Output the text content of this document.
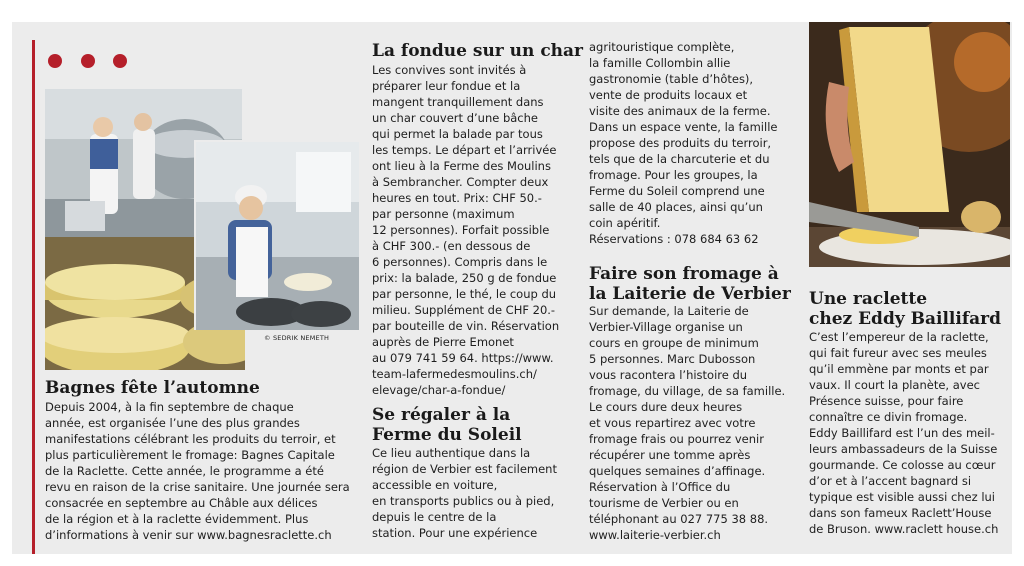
© SEDRIK NEMETH
Bagnes fête l’automne

Depuis 2004, à la fin septembre de chaque
année, est organisée l’une des plus grandes
manifestations célébrant les produits du terroir, et
plus particulièrement le fromage: Bagnes Capitale
de la Raclette. Cette année, le programme a été
revu en raison de la crise sanitaire. Une journée sera
consacrée en septembre au Châble aux délices
de la région et à la raclette évidemment. Plus
d’informations à venir sur www.bagnesraclette.ch

La fondue sur un char

Les convives sont invités à
préparer leur fondue et la
mangent tranquillement dans
un char couvert d’une bâche
qui permet la balade par tous
les temps. Le départ et l’arrivée
ont lieu à la Ferme des Moulins
à Sembrancher. Compter deux
heures en tout. Prix: CHF 50.-
par personne (maximum
12 personnes). Forfait possible
à CHF 300.- (en dessous de
6 personnes). Compris dans le
prix: la balade, 250 g de fondue
par personne, le thé, le coup du
milieu. Supplément de CHF 20.-
par bouteille de vin. Réservation
auprès de Pierre Emonet
au 079 741 59 64. https://www.
team-lafermedesmoulins.ch/
elevage/char-a-fondue/

Se régaler à la
Ferme du Soleil

Ce lieu authentique dans la
région de Verbier est facilement
accessible en voiture,
en transports publics ou à pied,
depuis le centre de la
station. Pour une expérience

agritouristique complète,
la famille Collombin allie
gastronomie (table d’hôtes),
vente de produits locaux et
visite des animaux de la ferme.
Dans un espace vente, la famille
propose des produits du terroir,
tels que de la charcuterie et du
fromage. Pour les groupes, la
Ferme du Soleil comprend une
salle de 40 places, ainsi qu’un
coin apéritif.
Réservations : 078 684 63 62

Faire son fromage à
la Laiterie de Verbier

Sur demande, la Laiterie de
Verbier-Village organise un
cours en groupe de minimum
5 personnes. Marc Dubosson
vous racontera l’histoire du
fromage, du village, de sa famille.
Le cours dure deux heures
et vous repartirez avec votre
fromage frais ou pourrez venir
récupérer une tomme après
quelques semaines d’affinage.
Réservation à l’Office du
tourisme de Verbier ou en
téléphonant au 027 775 38 88.
www.laiterie-verbier.ch

Une raclette
chez Eddy Baillifard

C’est l’empereur de la raclette,
qui fait fureur avec ses meules
qu’il emmène par monts et par
vaux. Il court la planète, avec
Présence suisse, pour faire
connaître ce divin fromage.
Eddy Baillifard est l’un des meil-
leurs ambassadeurs de la Suisse
gourmande. Ce colosse au cœur
d’or et à l’accent bagnard si
typique est visible aussi chez lui
dans son fameux Raclett’House
de Bruson. www.raclett house.ch
